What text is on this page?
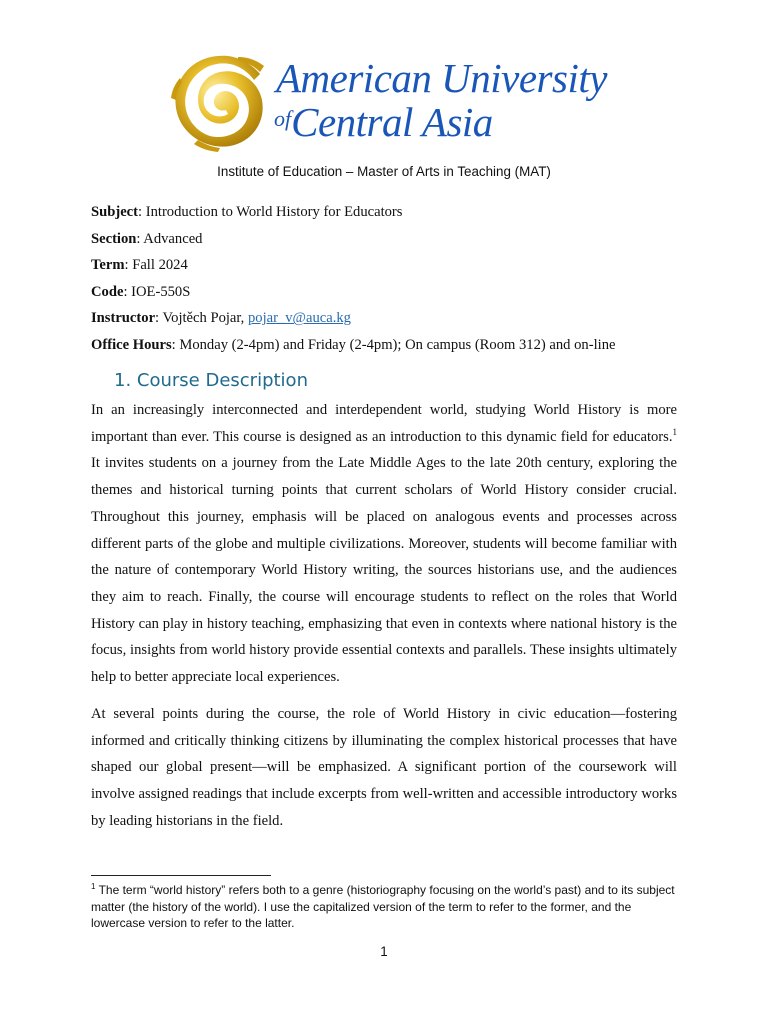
American University
ofCentral Asia
Institute of Education – Master of Arts in Teaching (MAT)
Subject: Introduction to World History for Educators
Section: Advanced
Term: Fall 2024
Code: IOE-550S
Instructor: Vojtěch Pojar, pojar_v@auca.kg
Office Hours: Monday (2-4pm) and Friday (2-4pm); On campus (Room 312) and on-line
1. Course Description

In an increasingly interconnected and interdependent world, studying World History is more important than ever. This course is designed as an introduction to this dynamic field for educators.$^1$ It invites students on a journey from the Late Middle Ages to the late 20th century, exploring the themes and historical turning points that current scholars of World History consider crucial. Throughout this journey, emphasis will be placed on analogous events and processes across different parts of the globe and multiple civilizations. Moreover, students will become familiar with the nature of contemporary World History writing, the sources historians use, and the audiences they aim to reach. Finally, the course will encourage students to reflect on the roles that World History can play in history teaching, emphasizing that even in contexts where national history is the focus, insights from world history provide essential contexts and parallels. These insights ultimately help to better appreciate local experiences.

At several points during the course, the role of World History in civic education—fostering informed and critically thinking citizens by illuminating the complex historical processes that have shaped our global present—will be emphasized. A significant portion of the coursework will involve assigned readings that include excerpts from well-written and accessible introductory works by leading historians in the field.

$^1$ The term “world history” refers both to a genre (historiography focusing on the world’s past) and to its subject matter (the history of the world). I use the capitalized version of the term to refer to the former, and the lowercase version to refer to the latter.
1
